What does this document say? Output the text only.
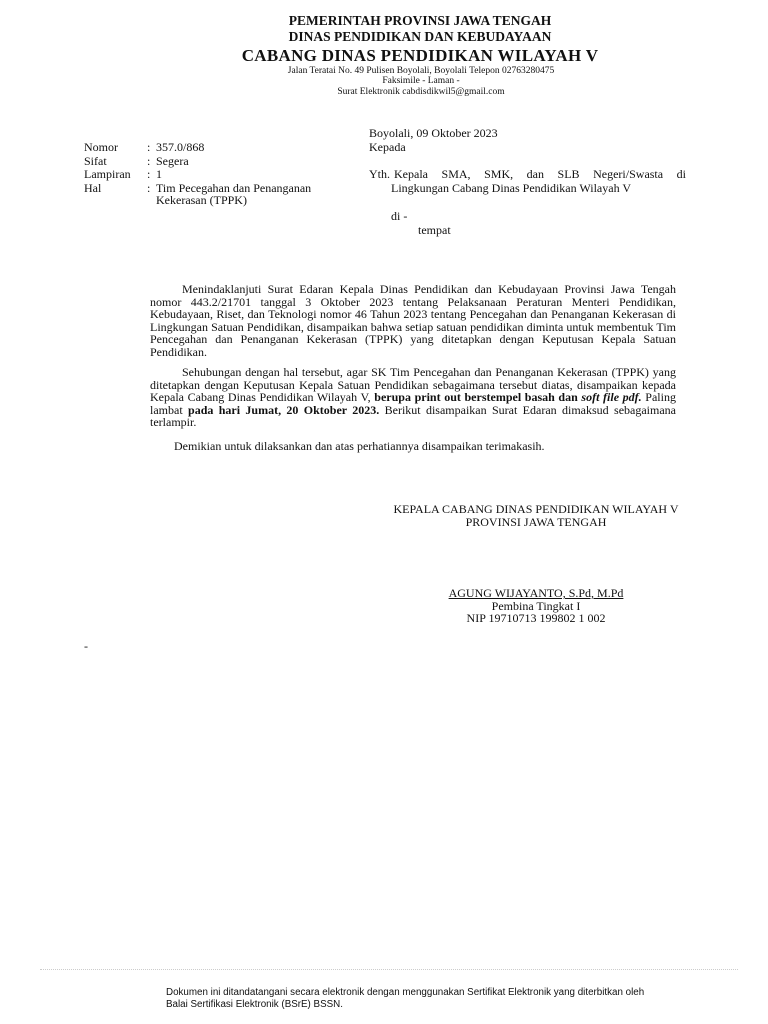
PEMERINTAH PROVINSI JAWA TENGAH
DINAS PENDIDIKAN DAN KEBUDAYAAN
CABANG DINAS PENDIDIKAN WILAYAH V
Jalan Teratai No. 49 Pulisen Boyolali, Boyolali Telepon 02763280475
Faksimile - Laman -
Surat Elektronik cabdisdikwil5@gmail.com
Boyolali, 09 Oktober 2023
Kepada
Nomor : 357.0/868
Sifat	: Segera
Lampiran : 1
Hal	: Tim Pecegahan dan Penanganan
Kekerasan (TPPK)
Yth. Kepala SMA, SMK, dan SLB Negeri/Swasta di
Lingkungan Cabang Dinas Pendidikan Wilayah V
di -
tempat
Menindaklanjuti Surat Edaran Kepala Dinas Pendidikan dan Kebudayaan Provinsi Jawa Tengah nomor 443.2/21701 tanggal 3 Oktober 2023 tentang Pelaksanaan Peraturan Menteri Pendidikan, Kebudayaan, Riset, dan Teknologi nomor 46 Tahun 2023 tentang Pencegahan dan Penanganan Kekerasan di Lingkungan Satuan Pendidikan, disampaikan bahwa setiap satuan pendidikan diminta untuk membentuk Tim Pencegahan dan Penanganan Kekerasan (TPPK) yang ditetapkan dengan Keputusan Kepala Satuan Pendidikan.
Sehubungan dengan hal tersebut, agar SK Tim Pencegahan dan Penanganan Kekerasan (TPPK) yang ditetapkan dengan Keputusan Kepala Satuan Pendidikan sebagaimana tersebut diatas, disampaikan kepada Kepala Cabang Dinas Pendidikan Wilayah V, berupa print out berstempel basah dan soft file pdf. Paling lambat pada hari Jumat, 20 Oktober 2023. Berikut disampaikan Surat Edaran dimaksud sebagaimana terlampir.
Demikian untuk dilaksankan dan atas perhatiannya disampaikan terimakasih.
KEPALA CABANG DINAS PENDIDIKAN WILAYAH V
PROVINSI JAWA TENGAH
AGUNG WIJAYANTO, S.Pd, M.Pd
Pembina Tingkat I
NIP 19710713 199802 1 002
-
Dokumen ini ditandatangani secara elektronik dengan menggunakan Sertifikat Elektronik yang diterbitkan oleh
Balai Sertifikasi Elektronik (BSrE) BSSN.
